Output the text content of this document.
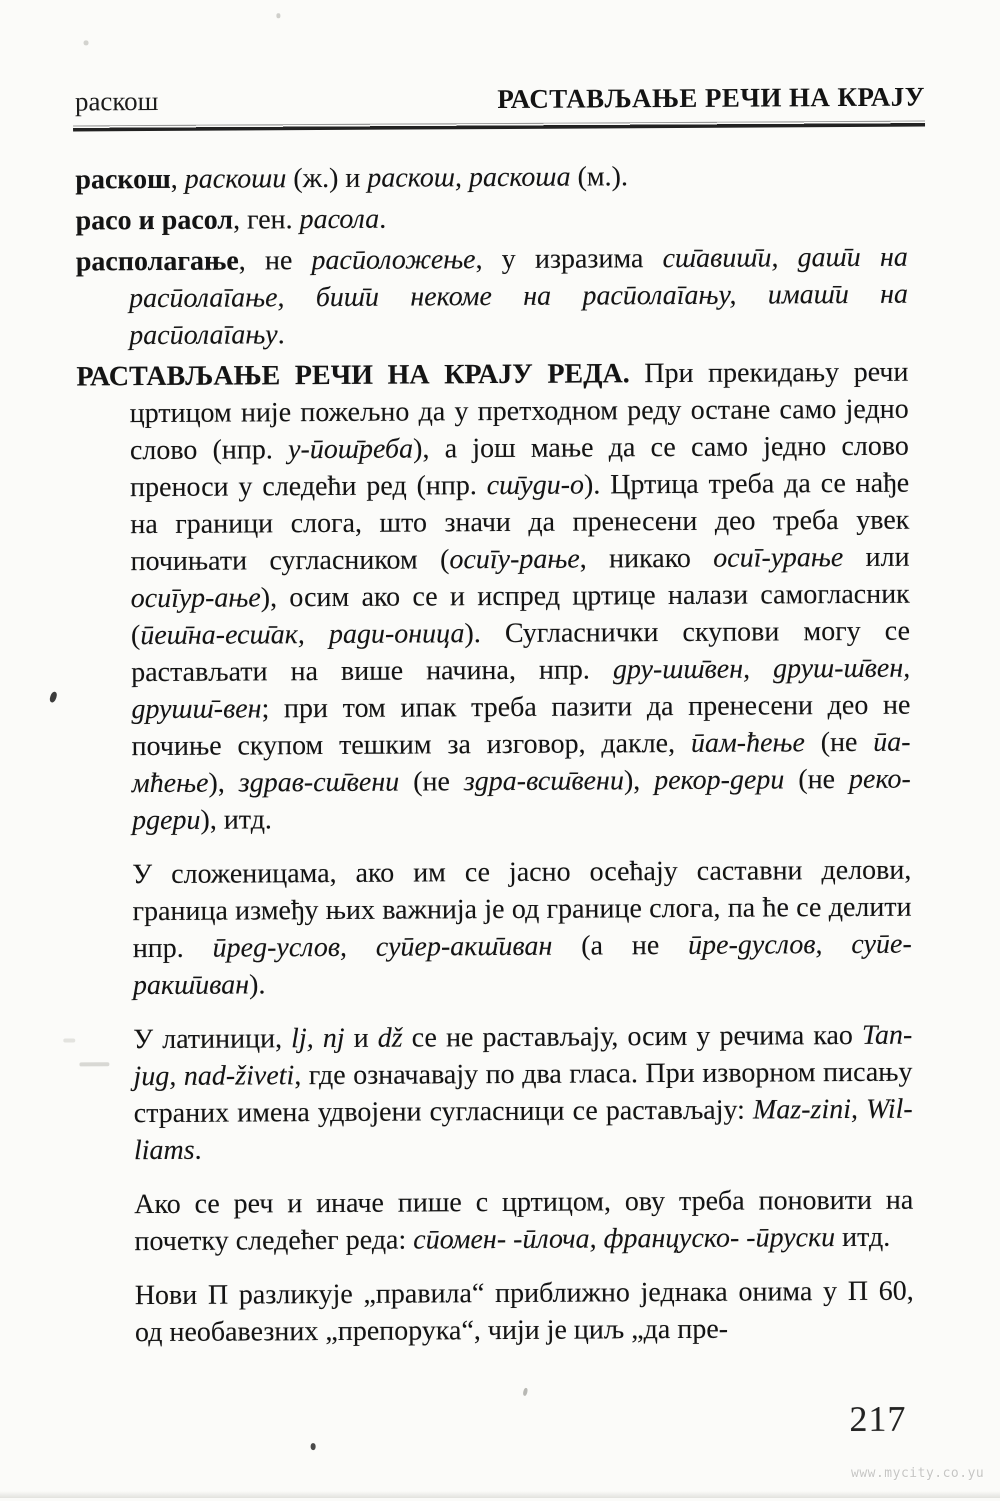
раскош	РАСТАВЉАЊЕ РЕЧИ НА КРАЈУ

раскош, раскоши (ж.) и раскош, раскоша (м.).

расо и расол, ген. расола.

располагање, не расūоложење, у изразима сш̄авиш̄и, даш̄и на расūолагање, биш̄и некоме на расūолагању, имаш̄и на расūолагању.

РАСТАВЉАЊЕ РЕЧИ НА КРАЈУ РЕДА. При прекидању речи цртицом није пожељно да у претходном реду остане само једно слово (нпр. у-ūош̄реба), а још мање да се само једно слово преноси у следећи ред (нпр. сш̄уди-о). Цртица треба да се нађе на граници слога, што значи да пренесени део треба увек почињати сугласником (осигу-рање, никако осиг-урање или осигур-ање), осим ако се и испред цртице налази самогласник (ūеш̄на-есш̄ак, ради-оница). Сугласнички скупови могу се растављати на више начина, нпр. дру-шш̄вен, друш-ш̄вен, друшш̄-вен; при том ипак треба пазити да пренесени део не почиње скупом тешким за изговор, дакле, ūам-ћење (не ūа-мћење), здрав-сш̄вени (не здра-всш̄вени), рекор-дери (не реко-рдери), итд.

У сложеницама, ако им се јасно осећају саставни делови, граница између њих важнија је од границе слога, па ће се делити нпр. ūред-услов, суūер-акш̄иван (а не ūре-дуслов, суūе-ракш̄иван).

У латиници, lj, nj и dž се не растављају, осим у речима као Tan-jug, nad-živeti, где означавају по два гласа. При изворном писању страних имена удвојени сугласници се растављају: Maz-zini, Wil-liams.

Ако се реч и иначе пише с цртицом, ову треба поновити на почетку следећег реда: сūомен- -ūлоча, француско- -ūруски итд.

Нови П разликује „правила“ приближно једнака онима у П 60, од необавезних „препорука“, чији је циљ „да пре-

217
www.mycity.co.yu
